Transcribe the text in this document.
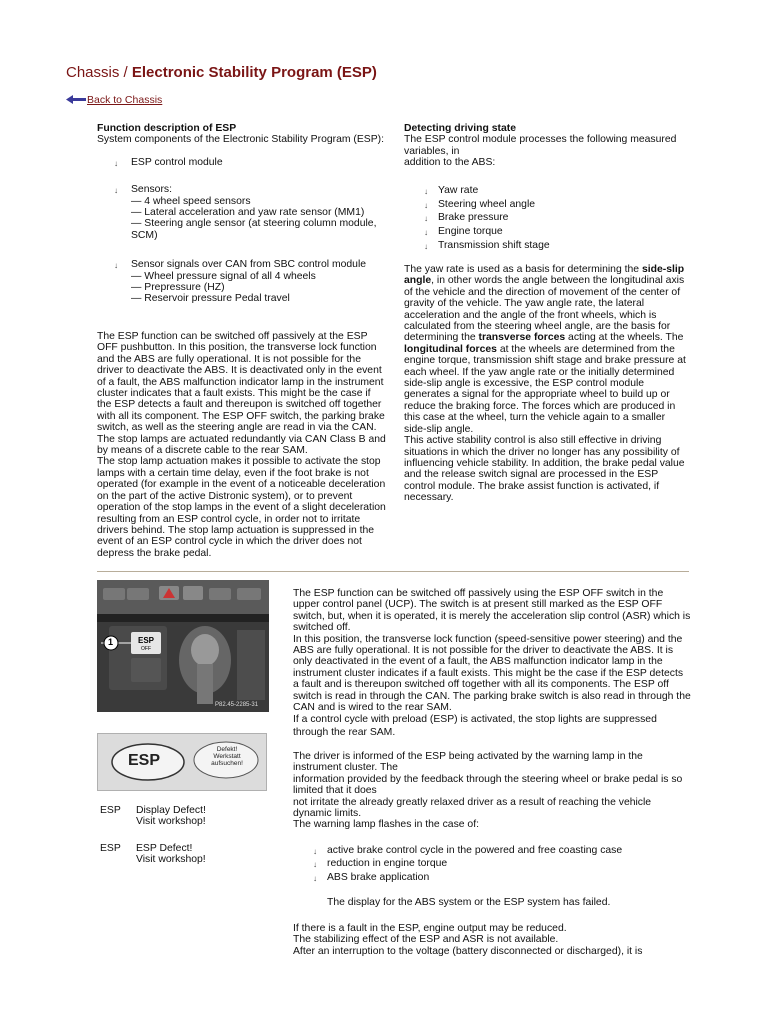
Chassis / Electronic Stability Program (ESP)
Back to Chassis

Function description of ESP

System components of the Electronic Stability Program (ESP):

↓ ESP control module

↓ Sensors:

— 4 wheel speed sensors

— Lateral acceleration and yaw rate sensor (MM1)

— Steering angle sensor (at steering column module, SCM)

↓ Sensor signals over CAN from SBC control module

— Wheel pressure signal of all 4 wheels

— Prepressure (HZ)

— Reservoir pressure Pedal travel

The ESP function can be switched off passively at the ESP OFF pushbutton. In this position, the transverse lock function and the ABS are fully operational. It is not possible for the driver to deactivate the ABS. It is deactivated only in the event of a fault, the ABS malfunction indicator lamp in the instrument cluster indicates that a fault exists. This might be the case if the ESP detects a fault and thereupon is switched off together with all its component. The ESP OFF switch, the parking brake switch, as well as the steering angle are read in via the CAN. The stop lamps are actuated redundantly via CAN Class B and by means of a discrete cable to the rear SAM.

The stop lamp actuation makes it possible to activate the stop lamps with a certain time delay, even if the foot brake is not operated (for example in the event of a noticeable deceleration on the part of the active Distronic system), or to prevent operation of the stop lamps in the event of a slight deceleration resulting from an ESP control cycle, in order not to irritate drivers behind. The stop lamp actuation is suppressed in the event of an ESP control cycle in which the driver does not depress the brake pedal.

Detecting driving state

The ESP control module processes the following measured variables, in

addition to the ABS:

↓ Yaw rate

↓ Steering wheel angle

↓ Brake pressure

↓ Engine torque

↓ Transmission shift stage

The yaw rate is used as a basis for determining the side-slip angle, in other words the angle between the longitudinal axis of the vehicle and the direction of movement of the center of gravity of the vehicle. The yaw angle rate, the lateral acceleration and the angle of the front wheels, which is calculated from the steering wheel angle, are the basis for determining the transverse forces acting at the wheels. The longitudinal forces at the wheels are determined from the engine torque, transmission shift stage and brake pressure at each wheel. If the yaw angle rate or the initially determined side-slip angle is excessive, the ESP control module generates a signal for the appropriate wheel to build up or reduce the braking force. The forces which are produced in this case at the wheel, turn the vehicle again to a smaller side-slip angle.

This active stability control is also still effective in driving situations in which the driver no longer has any possibility of influencing vehicle stability. In addition, the brake pedal value and the release switch signal are processed in the ESP control module. The brake assist function is activated, if necessary.

1	ESP
OFF
P82.45-2285-31
ESP
Defekt!
Werkstatt
aufsuchen!
ESP Display Defect!

Visit workshop!

ESP ESP Defect!

Visit workshop!

The ESP function can be switched off passively using the ESP OFF switch in the upper control panel (UCP). The switch is at present still marked as the ESP OFF switch, but, when it is operated, it is merely the acceleration slip control (ASR) which is switched off.

In this position, the transverse lock function (speed-sensitive power steering) and the ABS are fully operational. It is not possible for the driver to deactivate the ABS. It is only deactivated in the event of a fault, the ABS malfunction indicator lamp in the instrument cluster indicates if a fault exists. This might be the case if the ESP detects a fault and is thereupon switched off together with all its components. The ESP off switch is read in through the CAN. The parking brake switch is also read in through the CAN and is wired to the rear SAM.

If a control cycle with preload (ESP) is activated, the stop lights are suppressed through the rear SAM.

The driver is informed of the ESP being activated by the warning lamp in the instrument cluster. The

information provided by the feedback through the steering wheel or brake pedal is so limited that it does

not irritate the already greatly relaxed driver as a result of reaching the vehicle dynamic limits.

The warning lamp flashes in the case of:

↓ active brake control cycle in the powered and free coasting case

↓ reduction in engine torque

↓ ABS brake application

The display for the ABS system or the ESP system has failed.

If there is a fault in the ESP, engine output may be reduced.

The stabilizing effect of the ESP and ASR is not available.

After an interruption to the voltage (battery disconnected or discharged), it is
